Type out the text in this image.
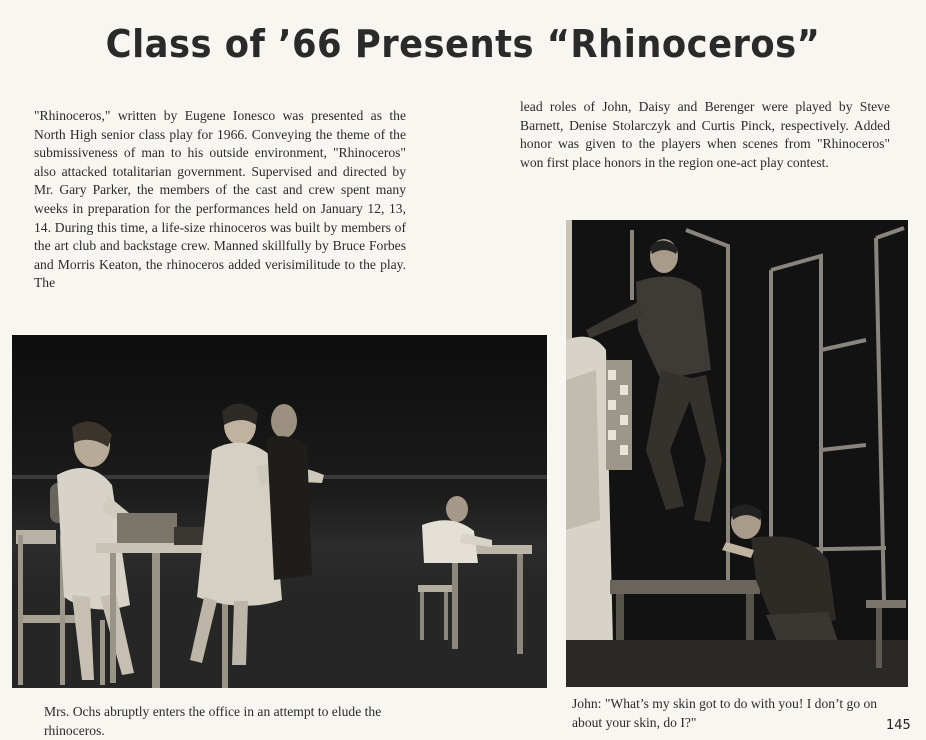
Class of ’66 Presents “Rhinoceros”

"Rhinoceros," written by Eugene Ionesco was presented as the North High senior class play for 1966. Conveying the theme of the submissiveness of man to his outside environment, "Rhinoceros" also attacked totalitarian government. Supervised and directed by Mr. Gary Parker, the members of the cast and crew spent many weeks in preparation for the performances held on January 12, 13, 14. During this time, a life-size rhinoceros was built by members of the art club and backstage crew. Manned skillfully by Bruce Forbes and Morris Keaton, the rhinoceros added verisimilitude to the play. The

lead roles of John, Daisy and Berenger were played by Steve Barnett, Denise Stolarczyk and Curtis Pinck, respectively. Added honor was given to the players when scenes from "Rhinoceros" won first place honors in the region one-act play contest.

Mrs. Ochs abruptly enters the office in an attempt to elude the rhinoceros.

John: "What’s my skin got to do with you! I don’t go on about your skin, do I?"	145
